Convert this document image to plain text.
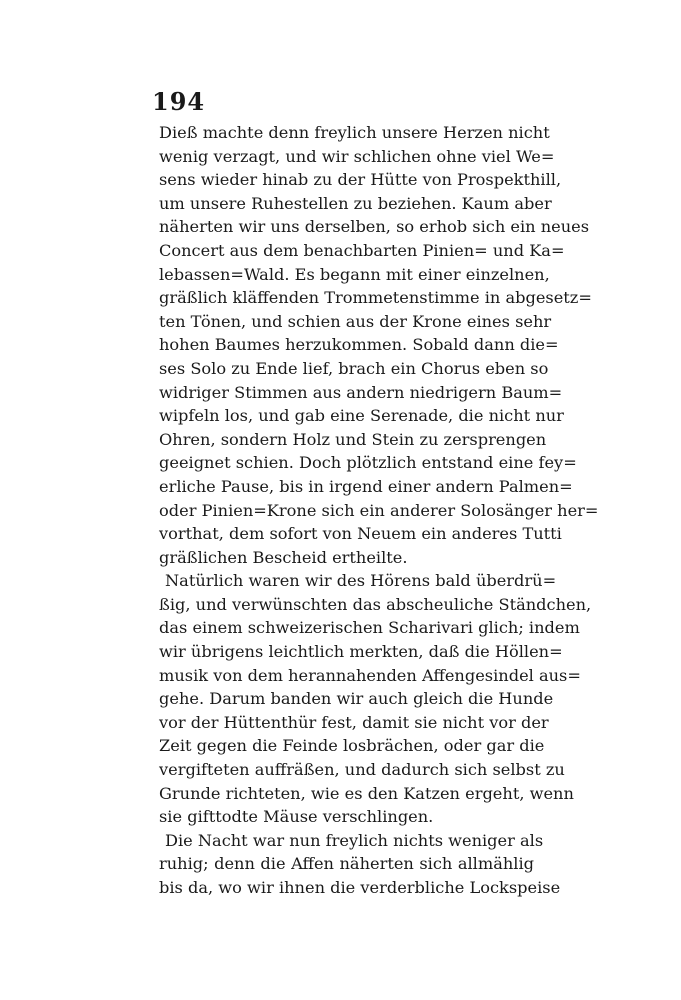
194
Dieß machte denn freylich unsere Herzen nicht
wenig verzagt, und wir schlichen ohne viel We=
sens wieder hinab zu der Hütte von Prospekthill,
um unsere Ruhestellen zu beziehen. Kaum aber
näherten wir uns derselben, so erhob sich ein neues
Concert aus dem benachbarten Pinien= und Ka=
lebassen=Wald. Es begann mit einer einzelnen,
gräßlich kläffenden Trommetenstimme in abgesetz=
ten Tönen, und schien aus der Krone eines sehr
hohen Baumes herzukommen. Sobald dann die=
ses Solo zu Ende lief, brach ein Chorus eben so
widriger Stimmen aus andern niedrigern Baum=
wipfeln los, und gab eine Serenade, die nicht nur
Ohren, sondern Holz und Stein zu zersprengen
geeignet schien. Doch plötzlich entstand eine fey=
erliche Pause, bis in irgend einer andern Palmen=
oder Pinien=Krone sich ein anderer Solosänger her=
vorthat, dem sofort von Neuem ein anderes Tutti
gräßlichen Bescheid ertheilte.
Natürlich waren wir des Hörens bald überdrü=
ßig, und verwünschten das abscheuliche Ständchen,
das einem schweizerischen Scharivari glich; indem
wir übrigens leichtlich merkten, daß die Höllen=
musik von dem herannahenden Affengesindel aus=
gehe. Darum banden wir auch gleich die Hunde
vor der Hüttenthür fest, damit sie nicht vor der
Zeit gegen die Feinde losbrächen, oder gar die
vergifteten auffräßen, und dadurch sich selbst zu
Grunde richteten, wie es den Katzen ergeht, wenn
sie gifttodte Mäuse verschlingen.
Die Nacht war nun freylich nichts weniger als
ruhig; denn die Affen näherten sich allmählig
bis da, wo wir ihnen die verderbliche Lockspeise
